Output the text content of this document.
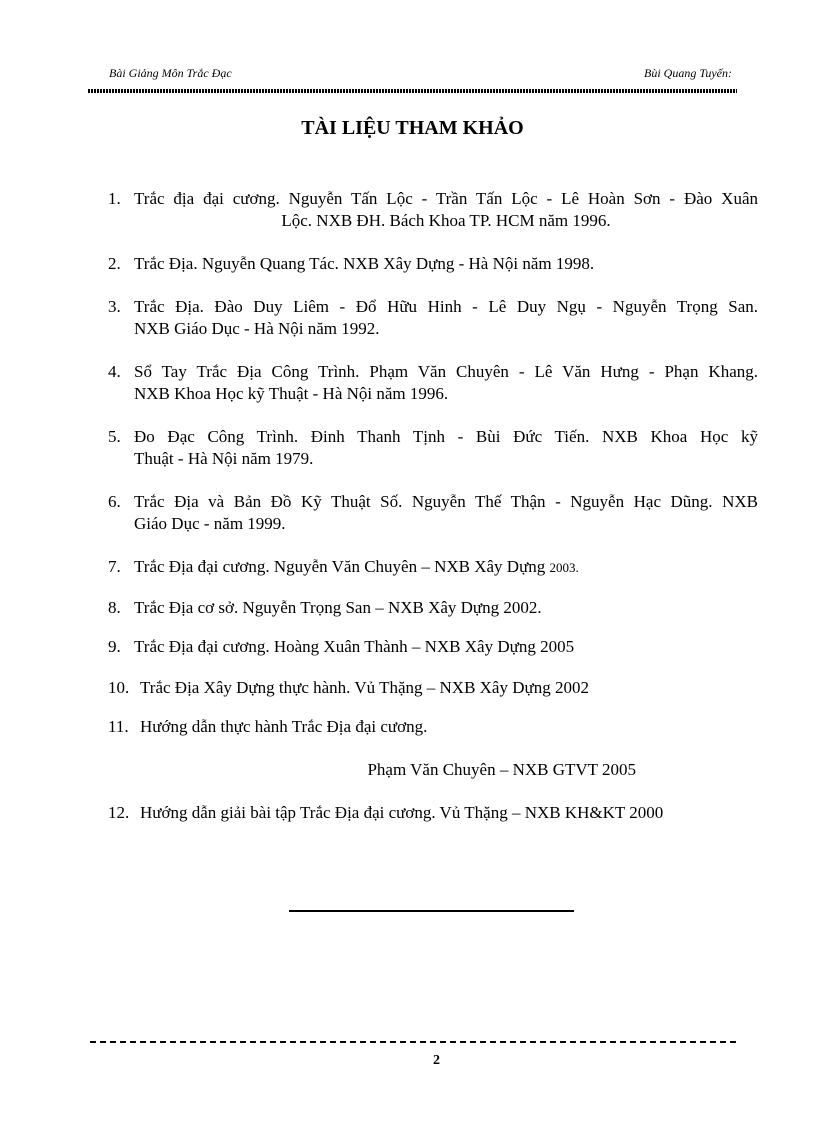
Bài Giảng Môn Trắc Đạc	Bùi Quang Tuyến:
TÀI LIỆU THAM KHẢO
1. Trắc địa đại cương. Nguyễn Tấn Lộc - Trần Tấn Lộc - Lê Hoàn Sơn - Đào Xuân
Lộc. NXB ĐH. Bách Khoa TP. HCM năm 1996.
2. Trắc Địa. Nguyễn Quang Tác. NXB Xây Dựng - Hà Nội năm 1998.
3. Trắc Địa. Đào Duy Liêm - Đổ Hữu Hinh - Lê Duy Ngụ - Nguyễn Trọng San.
NXB Giáo Dục - Hà Nội năm 1992.
4. Sổ Tay Trắc Địa Công Trình. Phạm Văn Chuyên - Lê Văn Hưng - Phạn Khang.
NXB Khoa Học kỹ Thuật - Hà Nội năm 1996.
5. Đo Đạc Công Trình. Đinh Thanh Tịnh - Bùi Đức Tiến. NXB Khoa Học kỹ
Thuật - Hà Nội năm 1979.
6. Trắc Địa và Bản Đồ Kỹ Thuật Số. Nguyễn Thế Thận - Nguyễn Hạc Dũng. NXB
Giáo Dục - năm 1999.
7. Trắc Địa đại cương. Nguyễn Văn Chuyên – NXB Xây Dựng 2003.
8. Trắc Địa cơ sở. Nguyễn Trọng San – NXB Xây Dựng 2002.
9. Trắc Địa đại cương. Hoàng Xuân Thành – NXB Xây Dựng 2005
10. Trắc Địa Xây Dựng thực hành. Vủ Thặng – NXB Xây Dựng 2002
11. Hướng dẫn thực hành Trắc Địa đại cương.
Phạm Văn Chuyên – NXB GTVT 2005
12. Hướng dẫn giải bài tập Trắc Địa đại cương. Vủ Thặng – NXB KH&KT 2000
2
